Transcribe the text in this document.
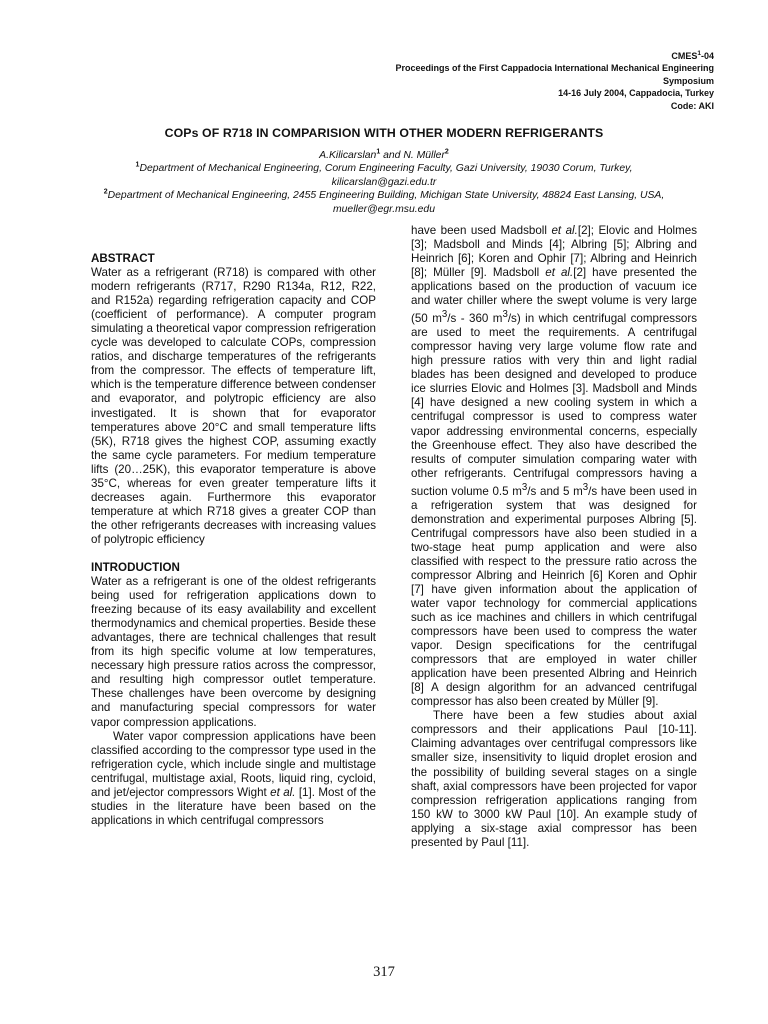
CMES$^1$-04
Proceedings of the First Cappadocia International Mechanical Engineering
Symposium
14-16 July 2004, Cappadocia, Turkey
Code: AKI
COPs OF R718 IN COMPARISION WITH OTHER MODERN REFRIGERANTS

A.Kilicarslan$^1$ and N. Müller$^2$

$^1$Department of Mechanical Engineering, Corum Engineering Faculty, Gazi University, 19030 Corum, Turkey,

kilicarslan@gazi.edu.tr

$^2$Department of Mechanical Engineering, 2455 Engineering Building, Michigan State University, 48824 East Lansing, USA,

mueller@egr.msu.edu

ABSTRACT

Water as a refrigerant (R718) is compared with other modern refrigerants (R717, R290 R134a, R12, R22, and R152a) regarding refrigeration capacity and COP (coefficient of performance). A computer program simulating a theoretical vapor compression refrigeration cycle was developed to calculate COPs, compression ratios, and discharge temperatures of the refrigerants from the compressor. The effects of temperature lift, which is the temperature difference between condenser and evaporator, and polytropic efficiency are also investigated. It is shown that for evaporator temperatures above 20°C and small temperature lifts (5K), R718 gives the highest COP, assuming exactly the same cycle parameters. For medium temperature lifts (20…25K), this evaporator temperature is above 35°C, whereas for even greater temperature lifts it decreases again. Furthermore this evaporator temperature at which R718 gives a greater COP than the other refrigerants decreases with increasing values of polytropic efficiency

INTRODUCTION

Water as a refrigerant is one of the oldest refrigerants being used for refrigeration applications down to freezing because of its easy availability and excellent thermodynamics and chemical properties. Beside these advantages, there are technical challenges that result from its high specific volume at low temperatures, necessary high pressure ratios across the compressor, and resulting high compressor outlet temperature. These challenges have been overcome by designing and manufacturing special compressors for water vapor compression applications.

Water vapor compression applications have been classified according to the compressor type used in the refrigeration cycle, which include single and multistage centrifugal, multistage axial, Roots, liquid ring, cycloid, and jet/ejector compressors Wight et al. [1]. Most of the studies in the literature have been based on the applications in which centrifugal compressors

have been used Madsboll et al.[2]; Elovic and Holmes [3]; Madsboll and Minds [4]; Albring [5]; Albring and Heinrich [6]; Koren and Ophir [7]; Albring and Heinrich [8]; Müller [9]. Madsboll et al.[2] have presented the applications based on the production of vacuum ice and water chiller where the swept volume is very large (50 $m^3/s - 360$ $m^3/s$) in which centrifugal compressors are used to meet the requirements. A centrifugal compressor having very large volume flow rate and high pressure ratios with very thin and light radial blades has been designed and developed to produce ice slurries Elovic and Holmes [3]. Madsboll and Minds [4] have designed a new cooling system in which a centrifugal compressor is used to compress water vapor addressing environmental concerns, especially the Greenhouse effect. They also have described the results of computer simulation comparing water with other refrigerants. Centrifugal compressors having a suction volume 0.5 $m^3/s$ and 5 $m^3/s$ have been used in a refrigeration system that was designed for demonstration and experimental purposes Albring [5]. Centrifugal compressors have also been studied in a two-stage heat pump application and were also classified with respect to the pressure ratio across the compressor Albring and Heinrich [6] Koren and Ophir [7] have given information about the application of water vapor technology for commercial applications such as ice machines and chillers in which centrifugal compressors have been used to compress the water vapor. Design specifications for the centrifugal compressors that are employed in water chiller application have been presented Albring and Heinrich [8] A design algorithm for an advanced centrifugal compressor has also been created by Müller [9].

There have been a few studies about axial compressors and their applications Paul [10-11]. Claiming advantages over centrifugal compressors like smaller size, insensitivity to liquid droplet erosion and the possibility of building several stages on a single shaft, axial compressors have been projected for vapor compression refrigeration applications ranging from 150 kW to 3000 kW Paul [10]. An example study of applying a six-stage axial compressor has been presented by Paul [11].

317
